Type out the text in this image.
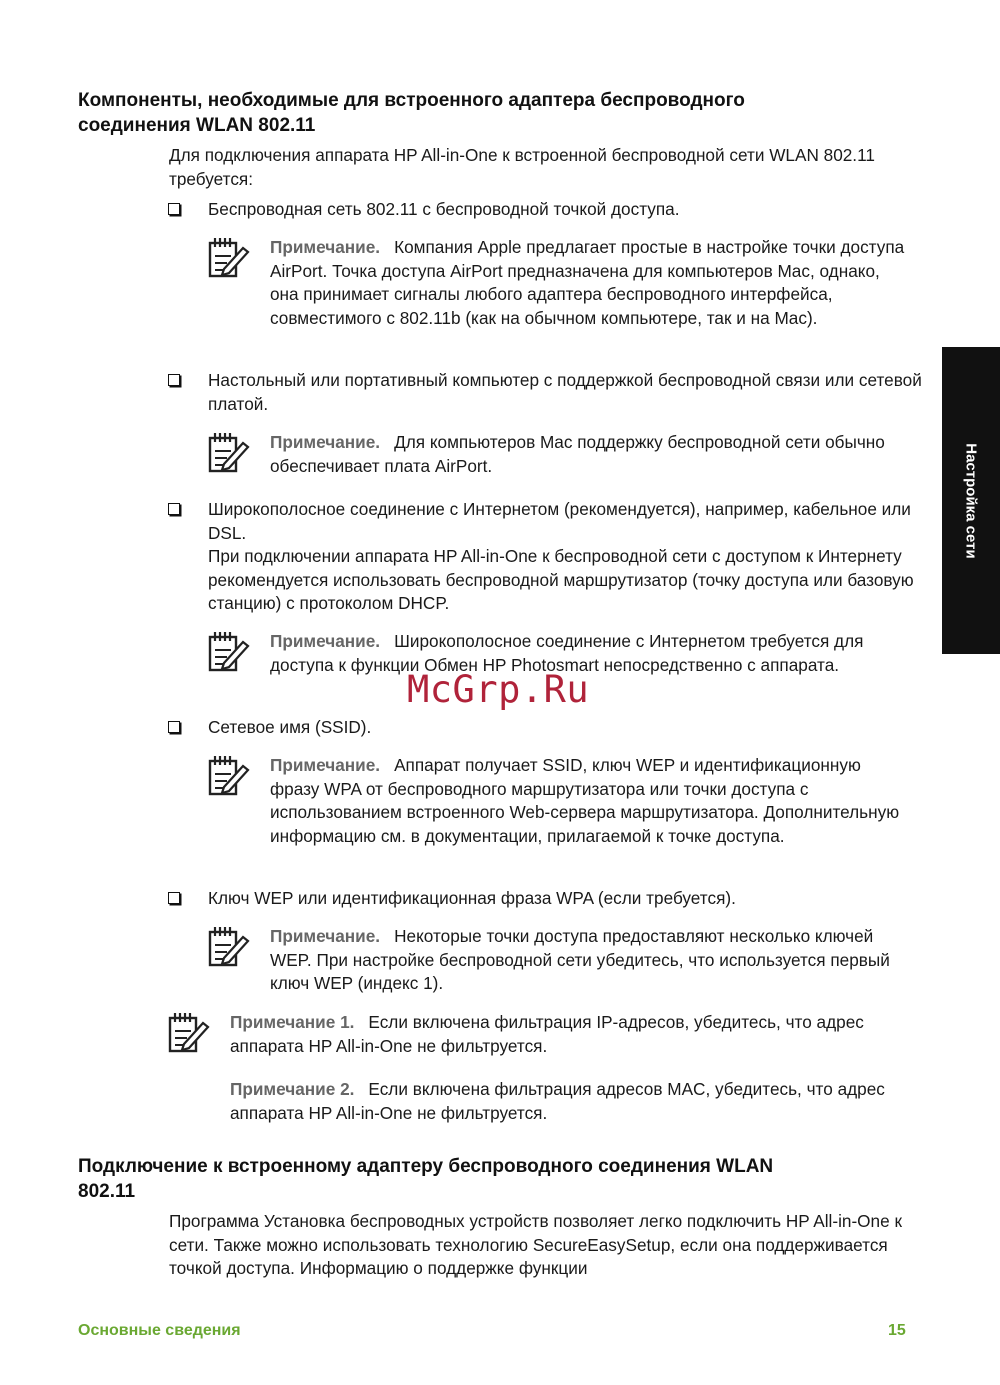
Компоненты, необходимые для встроенного адаптера беспроводного
соединения WLAN 802.11
Для подключения аппарата HP All-in-One к встроенной беспроводной сети WLAN 802.11 требуется:
Беспроводная сеть 802.11 с беспроводной точкой доступа.
Примечание. Компания Apple предлагает простые в настройке точки доступа AirPort. Точка доступа AirPort предназначена для компьютеров Mac, однако, она принимает сигналы любого адаптера беспроводного интерфейса, совместимого с 802.11b (как на обычном компьютере, так и на Mac).
Настольный или портативный компьютер с поддержкой беспроводной связи или сетевой платой.
Примечание. Для компьютеров Mac поддержку беспроводной сети обычно обеспечивает плата AirPort.
Широкополосное соединение с Интернетом (рекомендуется), например, кабельное или DSL.
При подключении аппарата HP All-in-One к беспроводной сети с доступом к Интернету рекомендуется использовать беспроводной маршрутизатор (точку доступа или базовую станцию) с протоколом DHCP.
Примечание. Широкополосное соединение с Интернетом требуется для доступа к функции Обмен HP Photosmart непосредственно с аппарата.
McGrp.Ru
Сетевое имя (SSID).
Примечание. Аппарат получает SSID, ключ WEP и идентификационную фразу WPA от беспроводного маршрутизатора или точки доступа с использованием встроенного Web-сервера маршрутизатора. Дополнительную информацию см. в документации, прилагаемой к точке доступа.
Ключ WEP или идентификационная фраза WPA (если требуется).
Примечание. Некоторые точки доступа предоставляют несколько ключей WEP. При настройке беспроводной сети убедитесь, что используется первый ключ WEP (индекс 1).
Примечание 1. Если включена фильтрация IP-адресов, убедитесь, что адрес аппарата HP All-in-One не фильтруется.
Примечание 2. Если включена фильтрация адресов MAC, убедитесь, что адрес аппарата HP All-in-One не фильтруется.
Подключение к встроенному адаптеру беспроводного соединения WLAN
802.11
Программа Установка беспроводных устройств позволяет легко подключить HP All-in-One к сети. Также можно использовать технологию SecureEasySetup, если она поддерживается точкой доступа. Информацию о поддержке функции
Настройка сети
Основные сведения	15
